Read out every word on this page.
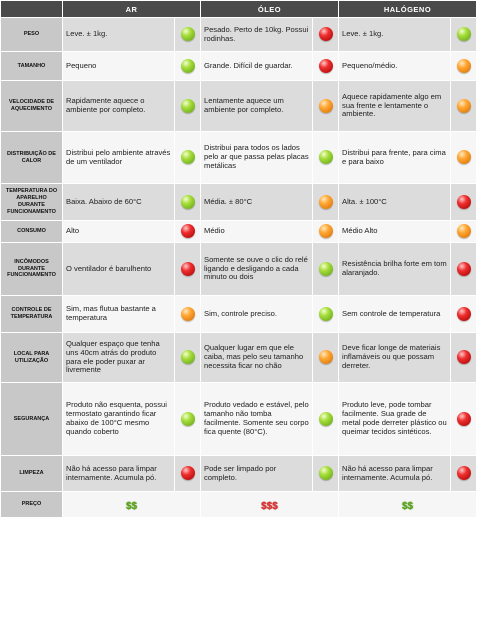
	AR		ÓLEO		HALÓGENO	
PESO	Leve. ± 1kg.		Pesado. Perto de 10kg. Possui rodinhas.		Leve. ± 1kg.	
TAMANHO	Pequeno		Grande. Difícil de guardar.		Pequeno/médio.	
VELOCIDADE DE AQUECIMENTO	Rapidamente aquece o ambiente por completo.		Lentamente aquece um ambiente por completo.		Aquece rapidamente algo em sua frente e lentamente o ambiente.	
DISTRIBUIÇÃO DE CALOR	Distribui pelo ambiente através de um ventilador		Distribui para todos os lados pelo ar que passa pelas placas metálicas		Distribui para frente, para cima e para baixo	
TEMPERATURA DO APARELHO DURANTE FUNCIONAMENTO	Baixa. Abaixo de 60°C		Média. ± 80°C		Alta. ± 100°C	
CONSUMO	Alto		Médio		Médio Alto	
INCÔMODOS DURANTE FUNCIONAMENTO	O ventilador é barulhento		Somente se ouve o clic do relé ligando e desligando a cada minuto ou dois		Resistência brilha forte em tom alaranjado.	
CONTROLE DE TEMPERATURA	Sim, mas flutua bastante a temperatura		Sim, controle preciso.		Sem controle de temperatura	
LOCAL PARA UTILIZAÇÃO	Qualquer espaço que tenha uns 40cm atrás do produto para ele poder puxar ar livremente		Qualquer lugar em que ele caiba, mas pelo seu tamanho necessita ficar no chão		Deve ficar longe de materiais inflamáveis ou que possam derreter.	
SEGURANÇA	Produto não esquenta, possui termostato garantindo ficar abaixo de 100°C mesmo quando coberto		Produto vedado e estável, pelo tamanho não tomba facilmente. Somente seu corpo fica quente (80°C).		Produto leve, pode tombar facilmente. Sua grade de metal pode derreter plástico ou queimar tecidos sintéticos.	
LIMPEZA	Não há acesso para limpar internamente. Acumula pó.		Pode ser limpado por completo.		Não há acesso para limpar internamente. Acumula pó.	
PREÇO	$$		$$$		$$	
